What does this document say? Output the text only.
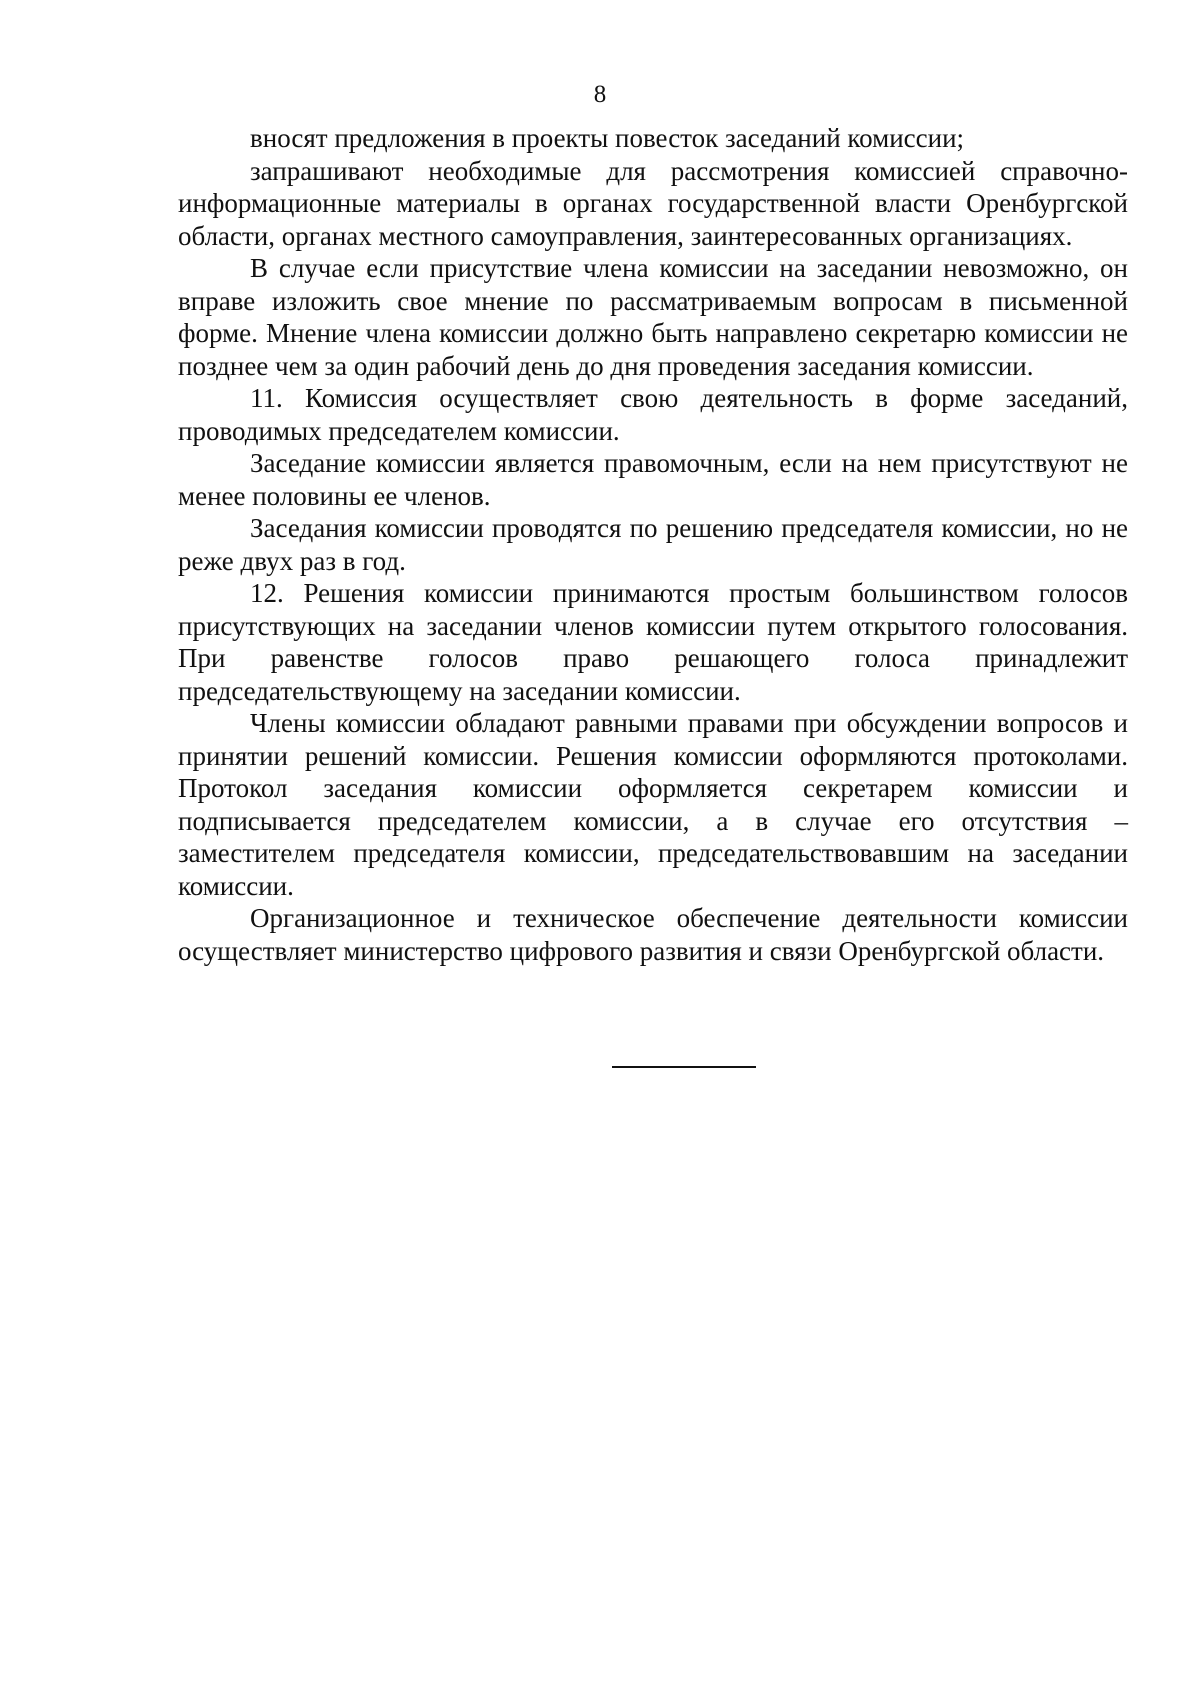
8

вносят предложения в проекты повесток заседаний комиссии;

запрашивают необходимые для рассмотрения комиссией справочно-информационные материалы в органах государственной власти Оренбургской области, органах местного самоуправления, заинтересованных организациях.

В случае если присутствие члена комиссии на заседании невозможно, он вправе изложить свое мнение по рассматриваемым вопросам в письменной форме. Мнение члена комиссии должно быть направлено секретарю комиссии не позднее чем за один рабочий день до дня проведения заседания комиссии.

11. Комиссия осуществляет свою деятельность в форме заседаний, проводимых председателем комиссии.

Заседание комиссии является правомочным, если на нем присутствуют не менее половины ее членов.

Заседания комиссии проводятся по решению председателя комиссии, но не реже двух раз в год.

12. Решения комиссии принимаются простым большинством голосов присутствующих на заседании членов комиссии путем открытого голосования. При равенстве голосов право решающего голоса принадлежит председательствующему на заседании комиссии.

Члены комиссии обладают равными правами при обсуждении вопросов и принятии решений комиссии. Решения комиссии оформляются протоколами. Протокол заседания комиссии оформляется секретарем комиссии и подписывается председателем комиссии, а в случае его отсутствия – заместителем председателя комиссии, председательствовавшим на заседании комиссии.

Организационное и техническое обеспечение деятельности комиссии осуществляет министерство цифрового развития и связи Оренбургской области.
